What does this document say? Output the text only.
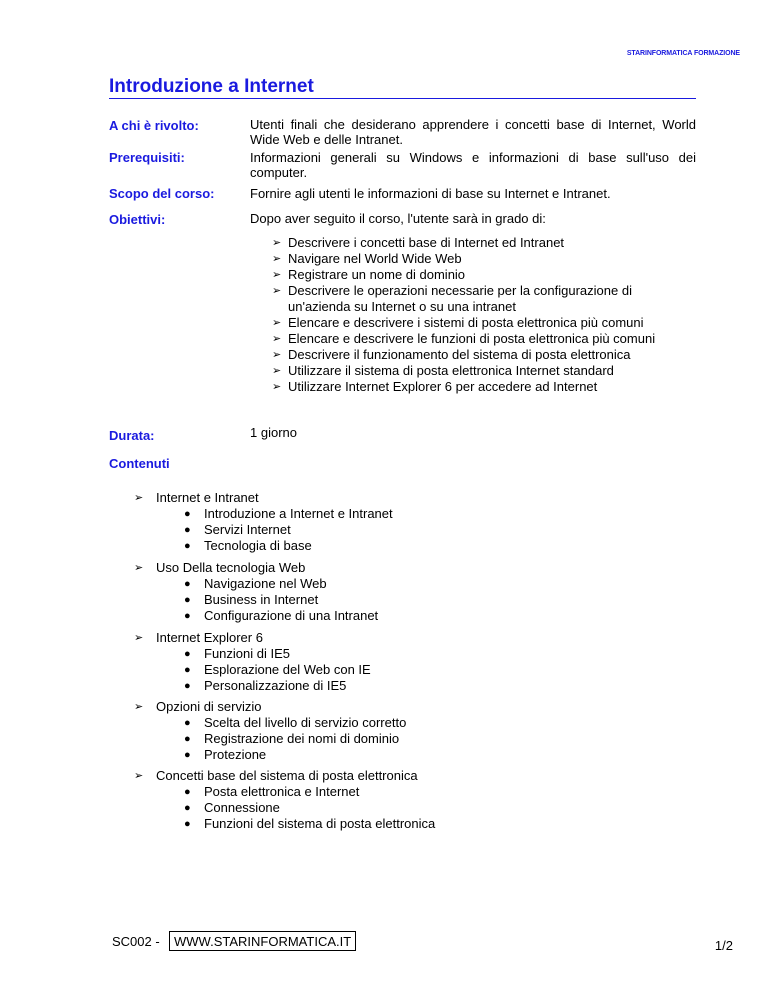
STARINFORMATICA FORMAZIONE
Introduzione a Internet
A chi è rivolto:	Utenti finali che desiderano apprendere i concetti base di Internet, World Wide Web e delle Intranet.
Prerequisiti:	Informazioni generali su Windows e informazioni di base sull'uso dei computer.
Scopo del corso:	Fornire agli utenti le informazioni di base su Internet e Intranet.
Obiettivi:	Dopo aver seguito il corso, l'utente sarà in grado di:
➢ Descrivere i concetti base di Internet ed Intranet
➢ Navigare nel World Wide Web
➢ Registrare un nome di dominio
➢ Descrivere le operazioni necessarie per la configurazione di un'azienda su Internet o su una intranet
➢ Elencare e descrivere i sistemi di posta elettronica più comuni
➢ Elencare e descrivere le funzioni di posta elettronica più comuni
➢ Descrivere il funzionamento del sistema di posta elettronica
➢ Utilizzare il sistema di posta elettronica Internet standard
➢ Utilizzare Internet Explorer 6 per accedere ad Internet
Durata:	1 giorno
Contenuti
➢ Internet e Intranet
● Introduzione a Internet e Intranet
● Servizi Internet
● Tecnologia di base
➢ Uso Della tecnologia Web
● Navigazione nel Web
● Business in Internet
● Configurazione di una Intranet
➢ Internet Explorer 6
● Funzioni di IE5
● Esplorazione del Web con IE
● Personalizzazione di IE5
➢ Opzioni di servizio
● Scelta del livello di servizio corretto
● Registrazione dei nomi di dominio
● Protezione
➢ Concetti base del sistema di posta elettronica
● Posta elettronica e Internet
● Connessione
● Funzioni del sistema di posta elettronica
SC002 -	WWW.STARINFORMATICA.IT	1/2
